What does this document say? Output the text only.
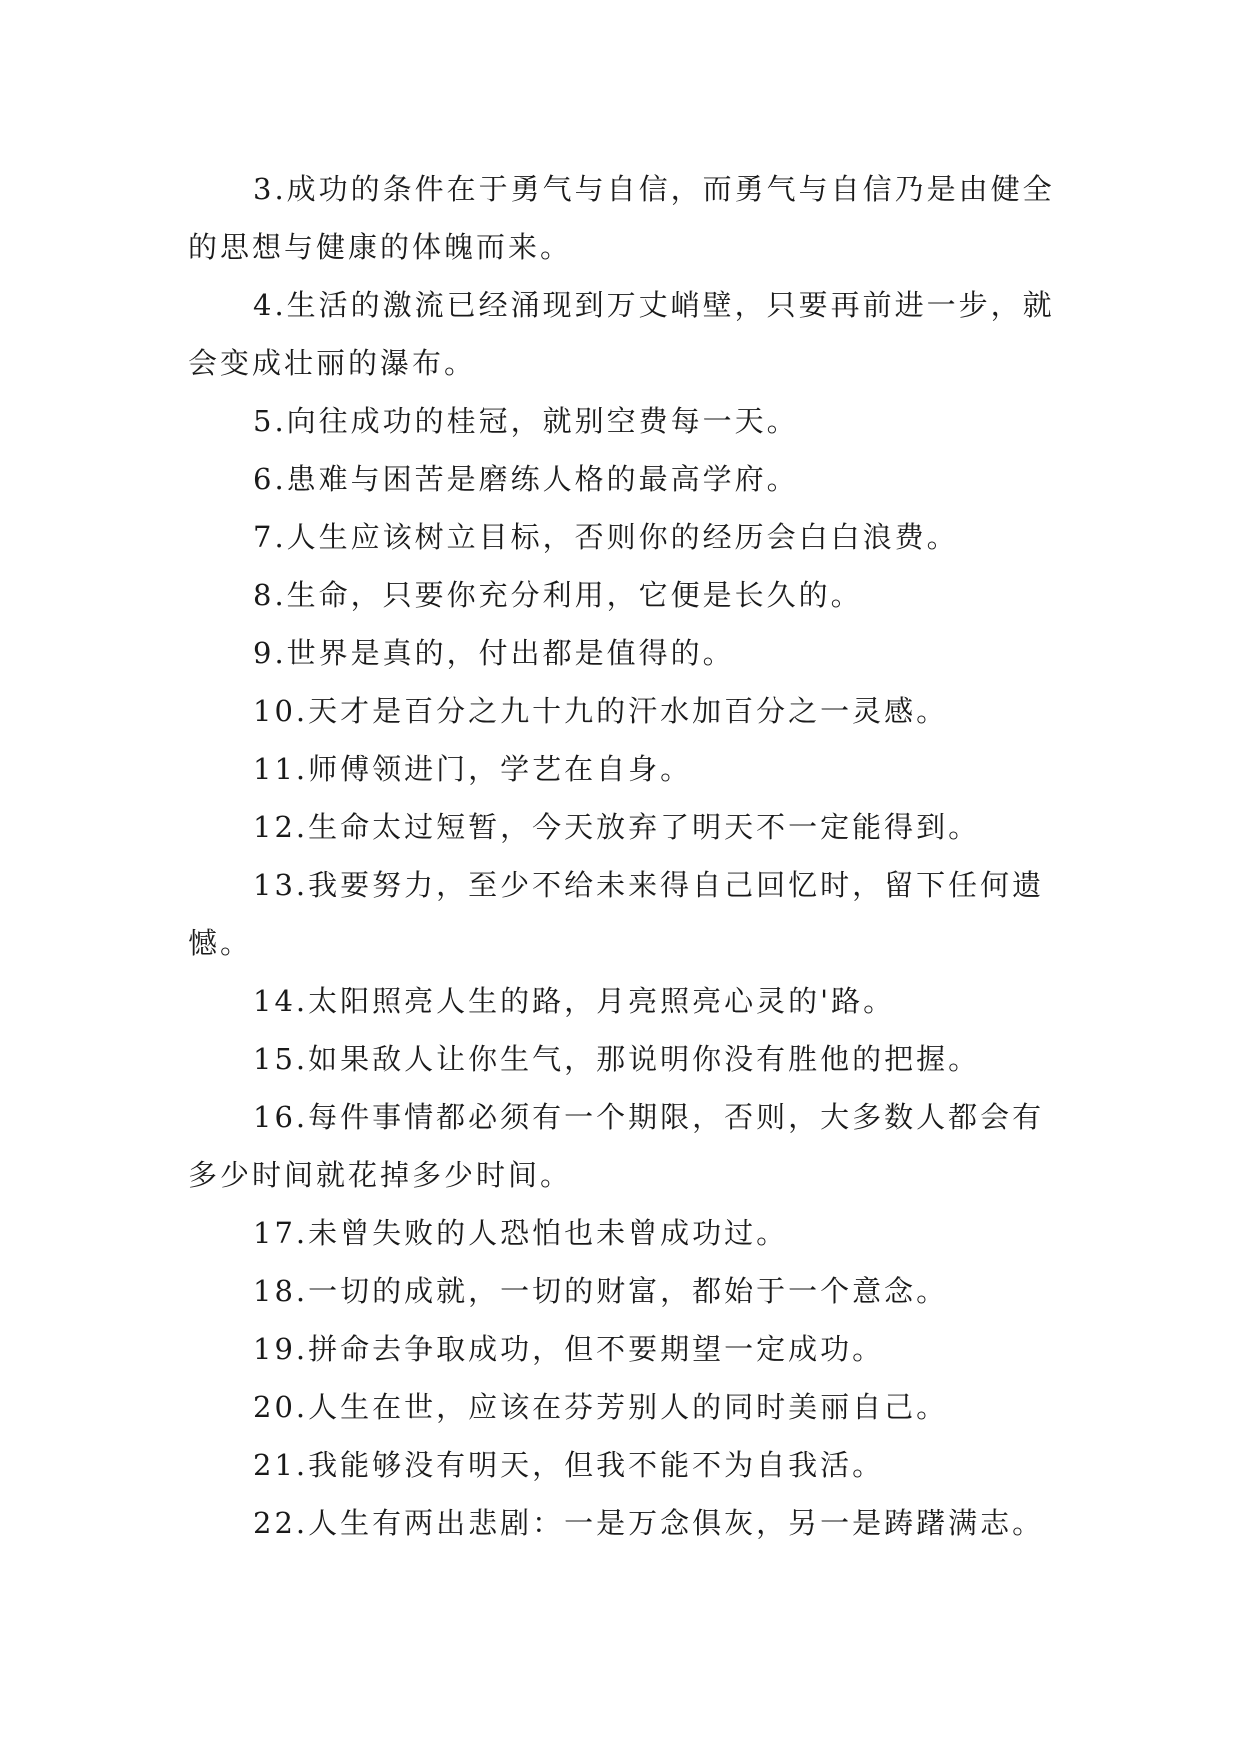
3.成功的条件在于勇气与自信，而勇气与自信乃是由健全的思想与健康的体魄而来。

4.生活的激流已经涌现到万丈峭壁，只要再前进一步，就会变成壮丽的瀑布。

5.向往成功的桂冠，就别空费每一天。

6.患难与困苦是磨练人格的最高学府。

7.人生应该树立目标，否则你的经历会白白浪费。

8.生命，只要你充分利用，它便是长久的。

9.世界是真的，付出都是值得的。

10.天才是百分之九十九的汗水加百分之一灵感。

11.师傅领进门，学艺在自身。

12.生命太过短暂，今天放弃了明天不一定能得到。

13.我要努力，至少不给未来得自己回忆时，留下任何遗憾。

14.太阳照亮人生的路，月亮照亮心灵的'路。

15.如果敌人让你生气，那说明你没有胜他的把握。

16.每件事情都必须有一个期限，否则，大多数人都会有多少时间就花掉多少时间。

17.未曾失败的人恐怕也未曾成功过。

18.一切的成就，一切的财富，都始于一个意念。

19.拼命去争取成功，但不要期望一定成功。

20.人生在世，应该在芬芳别人的同时美丽自己。

21.我能够没有明天，但我不能不为自我活。

22.人生有两出悲剧：一是万念俱灰，另一是踌躇满志。
